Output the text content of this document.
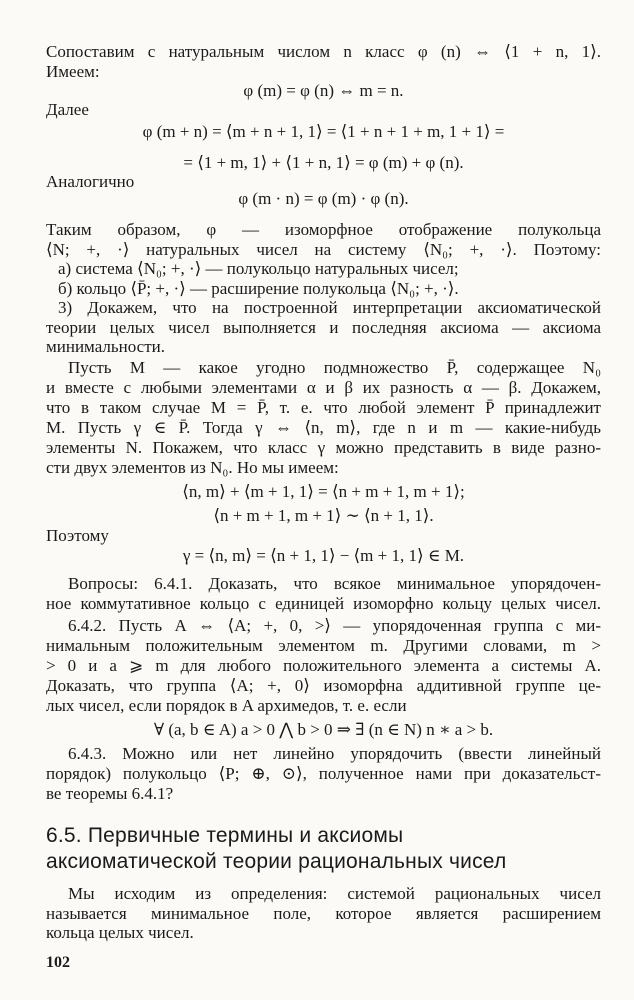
Сопоставим с натуральным числом n класс φ (n) ⇔ ⟨1 + n, 1⟩.
Имеем:
φ (m) = φ (n) ⇔ m = n.
Далее
φ (m + n) = ⟨m + n + 1, 1⟩ = ⟨1 + n + 1 + m, 1 + 1⟩ =
= ⟨1 + m, 1⟩ + ⟨1 + n, 1⟩ = φ (m) + φ (n).
Аналогично
φ (m · n) = φ (m) · φ (n).
Таким образом, φ — изоморфное отображение полукольца
⟨N; +, ·⟩ натуральных чисел на систему ⟨N₀; +, ·⟩. Поэтому:
а) система ⟨N₀; +, ·⟩ — полукольцо натуральных чисел;
б) кольцо ⟨P̄; +, ·⟩ — расширение полукольца ⟨N₀; +, ·⟩.
3) Докажем, что на построенной интерпретации аксиоматической
теории целых чисел выполняется и последняя аксиома — аксиома
минимальности.
Пусть M — какое угодно подмножество P̄, содержащее N₀
и вместе с любыми элементами α и β их разность α — β. Докажем,
что в таком случае M = P̄, т. е. что любой элемент P̄ принадлежит
M. Пусть γ ∈ P̄. Тогда γ ⇔ ⟨n, m⟩, где n и m — какие-нибудь
элементы N. Покажем, что класс γ можно представить в виде разно-
сти двух элементов из N₀. Но мы имеем:
⟨n, m⟩ + ⟨m + 1, 1⟩ = ⟨n + m + 1, m + 1⟩;
⟨n + m + 1, m + 1⟩ ∼ ⟨n + 1, 1⟩.
Поэтому
γ = ⟨n, m⟩ = ⟨n + 1, 1⟩ − ⟨m + 1, 1⟩ ∈ M.
Вопросы: 6.4.1. Доказать, что всякое минимальное упорядочен-
ное коммутативное кольцо с единицей изоморфно кольцу целых чисел.
6.4.2. Пусть A ⇔ ⟨A; +, 0, >⟩ — упорядоченная группа с ми-
нимальным положительным элементом m. Другими словами, m >
> 0 и a ⩾ m для любого положительного элемента a системы A.
Доказать, что группа ⟨A; +, 0⟩ изоморфна аддитивной группе це-
лых чисел, если порядок в A архимедов, т. е. если
∀ (a, b ∈ A) a > 0 ⋀ b > 0 ⇒ ∃ (n ∈ N) n ∗ a > b.
6.4.3. Можно или нет линейно упорядочить (ввести линейный
порядок) полукольцо ⟨P; ⊕, ⊙⟩, полученное нами при доказательст-
ве теоремы 6.4.1?
6.5. Первичные термины и аксиомы
аксиоматической теории рациональных чисел
Мы исходим из определения: системой рациональных чисел
называется минимальное поле, которое является расширением
кольца целых чисел.
102
